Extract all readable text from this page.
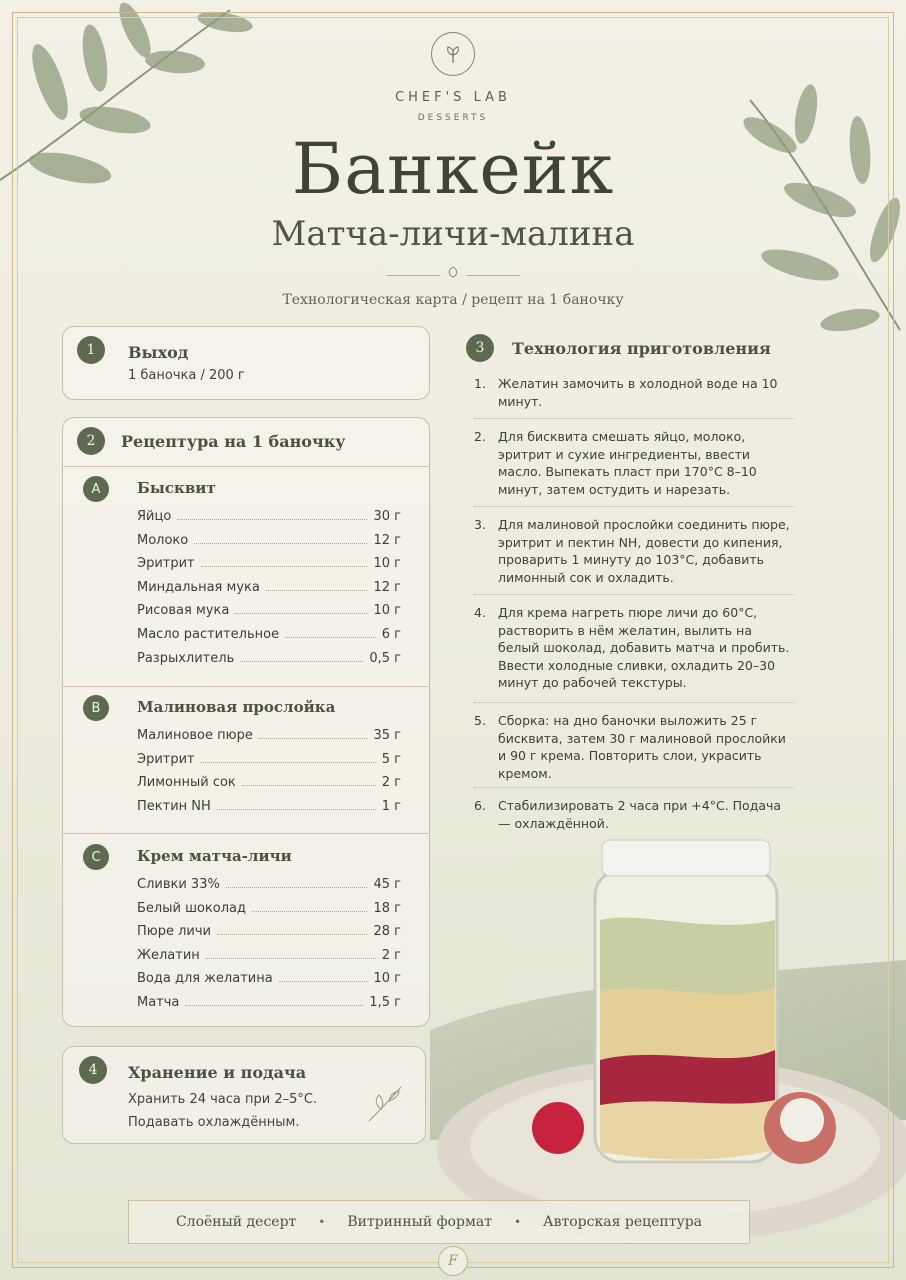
CHEF'S LAB
DESSERTS
Банкейк
Матча-личи-малина
Технологическая карта / рецепт на 1 баночку
1	Выход
1 баночка / 200 г
2	Рецептура на 1 баночку
A	Быcквит
Яйцо	30 г
Молоко	12 г
Эритрит	10 г
Миндальная мука	12 г
Рисовая мука	10 г
Масло растительное	6 г
Разрыхлитель	0,5 г
B	Малиновая прослойка
Малиновое пюре	35 г
Эритрит	5 г
Лимонный сок	2 г
Пектин NH	1 г
C	Крем матча-личи
Сливки 33%	45 г
Белый шоколад	18 г
Пюре личи	28 г
Желатин	2 г
Вода для желатина	10 г
Матча	1,5 г
4	Хранение и подача
Хранить 24 часа при 2–5°C.
Подавать охлаждённым.
3	Технология приготовления
1. Желатин замочить в холодной воде на 10 минут.
2. Для бисквита смешать яйцо, молоко, эритрит и сухие ингредиенты, ввести масло. Выпекать пласт при 170°C 8–10 минут, затем остудить и нарезать.
3. Для малиновой прослойки соединить пюре, эритрит и пектин NH, довести до кипения, проварить 1 минуту до 103°C, добавить лимонный сок и охладить.
4. Для крема нагреть пюре личи до 60°C, растворить в нём желатин, вылить на белый шоколад, добавить матча и пробить. Ввести холодные сливки, охладить 20–30 минут до рабочей текстуры.
5. Сборка: на дно баночки выложить 25 г бисквита, затем 30 г малиновой прослойки и 90 г крема. Повторить слои, украсить кремом.
6. Стабилизировать 2 часа при +4°C. Подача — охлаждённой.
Слоёный десерт • Витринный формат • Авторская рецептура
F
